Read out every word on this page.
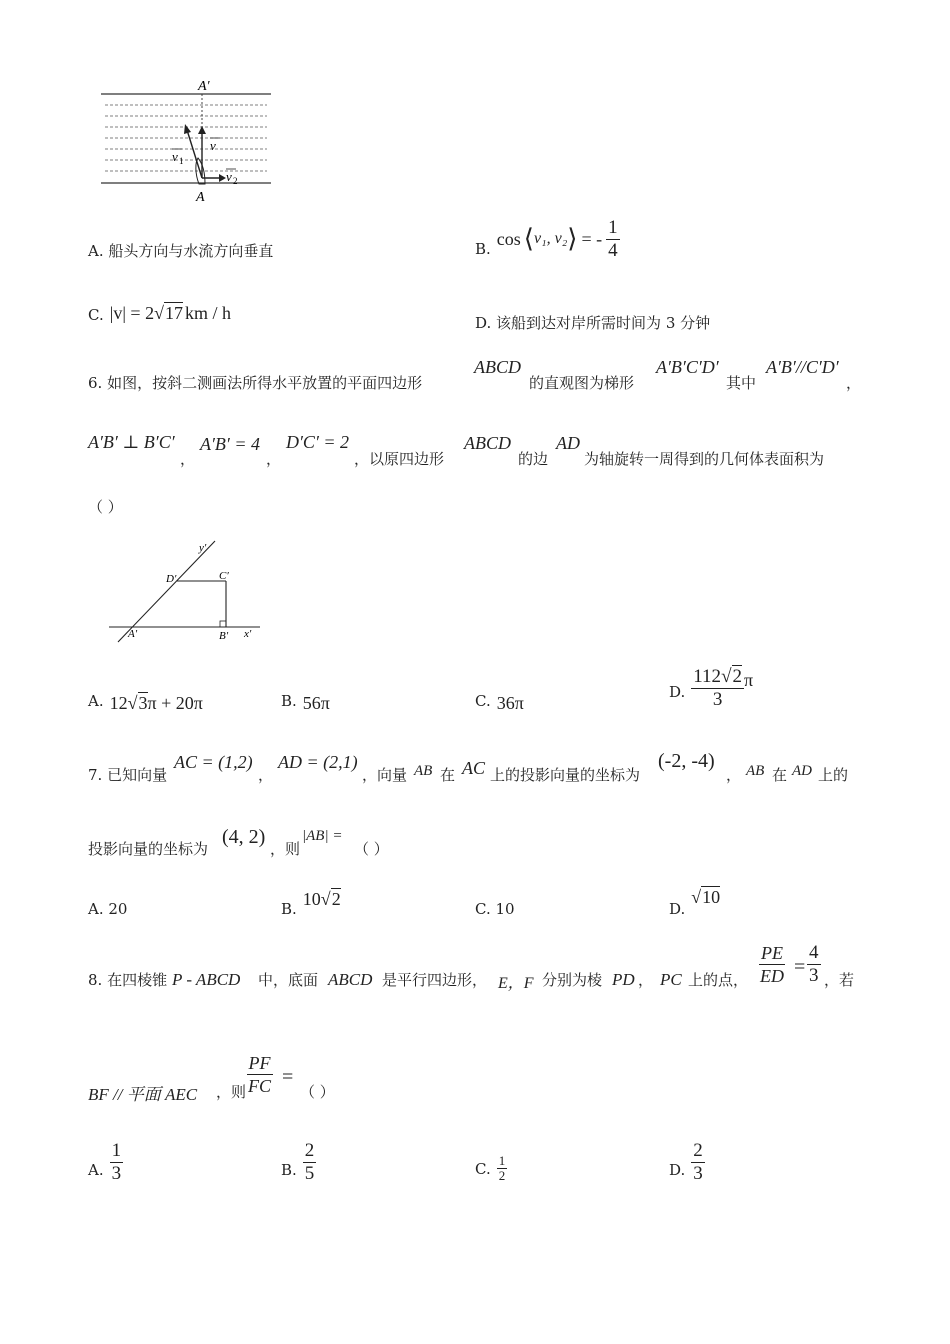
A′
A
v
v 1
v 2
A. 船头方向与水流方向垂直	B.
cos ⟨ v₁, v₂ ⟩ = - $\frac{1}{4}$
C. |v| = 2 √ 17 km / h	D. 该船到达对岸所需时间为 3 分钟
6. 如图，按斜二测画法所得水平放置的平面四边形
ABCD
的直观图为梯形
A′B′C′D′
其中
A′B′//C′D′
，
A′B′ ⊥ B′C′
，
A′B′ = 4
，
D′C′ = 2
，以原四边形
ABCD
的边
AD
为轴旋转一周得到的几何体表面积为
（ ）
y′
x′
A′	B′
C′
D′
A. 12 √ 3 π + 20π	B. 56π	C. 36π
D. $\frac{112√2}{3}$ π
7. 已知向量
AC = (1,2)
，
AD = (2,1)
，向量 AB 在 AC 上的投影向量的坐标为
(-2, -4)
， AB 在 AD 上的
投影向量的坐标为
(4, 2)
，则
|AB| =
（ ）
A. 20	B. 10 √ 2	C. 10	D.
√ 10
8. 在四棱锥 P - ABCD 中，底面 ABCD 是平行四边形， E，F 分别为棱 PD ， PC 上的点， $\frac{PE}{ED} = \frac{4}{3}$ ，若
BF // 平面 AEC ，则 $\frac{PF}{FC}$ =
（ ）
A. $\frac{1}{3}$	B. $\frac{2}{5}$	C. $\frac{1}{2}$	D. $\frac{2}{3}$
